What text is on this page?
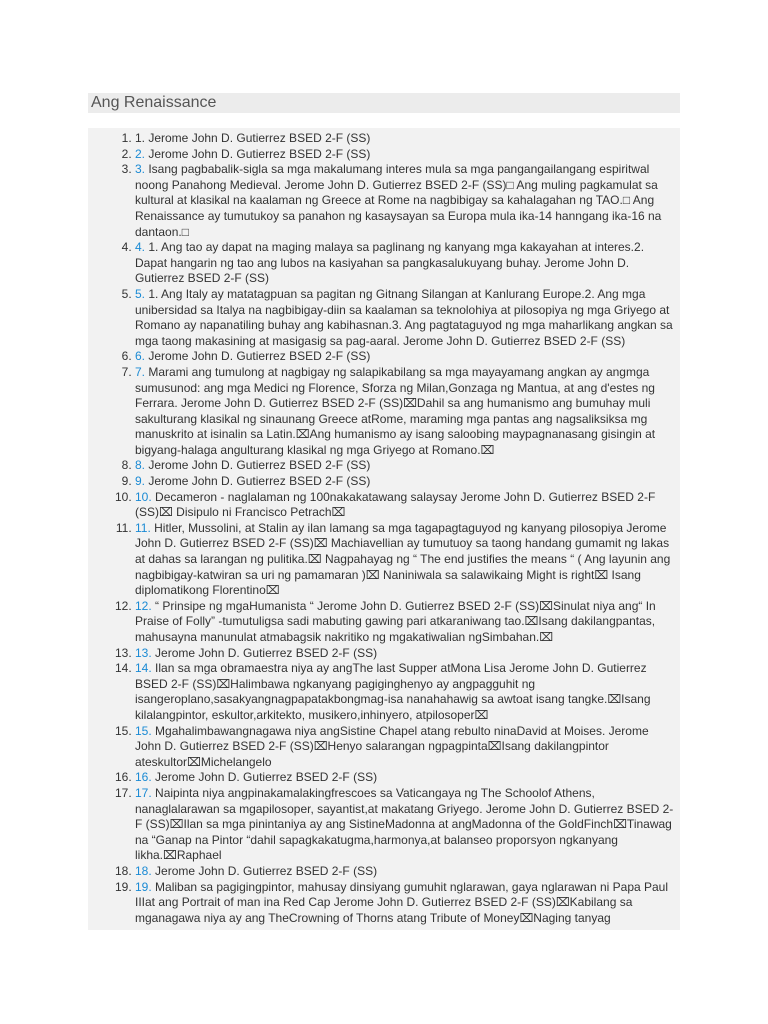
Ang Renaissance
1. 1. Jerome John D. Gutierrez BSED 2-F (SS)
2. 2. Jerome John D. Gutierrez BSED 2-F (SS)
3. 3. Isang pagbabalik-sigla sa mga makalumang interes mula sa mga pangangailangang espiritwal noong Panahong Medieval. Jerome John D. Gutierrez BSED 2-F (SS)□ Ang muling pagkamulat sa kultural at klasikal na kaalaman ng Greece at Rome na nagbibigay sa kahalagahan ng TAO.□ Ang Renaissance ay tumutukoy sa panahon ng kasaysayan sa Europa mula ika-14 hanngang ika-16 na dantaon.□
4. 4. 1. Ang tao ay dapat na maging malaya sa paglinang ng kanyang mga kakayahan at interes.2. Dapat hangarin ng tao ang lubos na kasiyahan sa pangkasalukuyang buhay. Jerome John D. Gutierrez BSED 2-F (SS)
5. 5. 1. Ang Italy ay matatagpuan sa pagitan ng Gitnang Silangan at Kanlurang Europe.2. Ang mga unibersidad sa Italya na nagbibigay-diin sa kaalaman sa teknolohiya at pilosopiya ng mga Griyego at Romano ay napanatiling buhay ang kabihasnan.3. Ang pagtataguyod ng mga maharlikang angkan sa mga taong makasining at masigasig sa pag-aaral. Jerome John D. Gutierrez BSED 2-F (SS)
6. 6. Jerome John D. Gutierrez BSED 2-F (SS)
7. 7. Marami ang tumulong at nagbigay ng salapikabilang sa mga mayayamang angkan ay angmga sumusunod: ang mga Medici ng Florence, Sforza ng Milan,Gonzaga ng Mantua, at ang d'estes ng Ferrara. Jerome John D. Gutierrez BSED 2-F (SS)⌧Dahil sa ang humanismo ang bumuhay muli sakulturang klasikal ng sinaunang Greece atRome, maraming mga pantas ang nagsaliksiksa mg manuskrito at isinalin sa Latin.⌧Ang humanismo ay isang saloobing maypagnanasang gisingin at bigyang-halaga angulturang klasikal ng mga Griyego at Romano.⌧
8. 8. Jerome John D. Gutierrez BSED 2-F (SS)
9. 9. Jerome John D. Gutierrez BSED 2-F (SS)
10. 10. Decameron - naglalaman ng 100nakakatawang salaysay Jerome John D. Gutierrez BSED 2-F (SS)⌧ Disipulo ni Francisco Petrach⌧
11. 11. Hitler, Mussolini, at Stalin ay ilan lamang sa mga tagapagtaguyod ng kanyang pilosopiya Jerome John D. Gutierrez BSED 2-F (SS)⌧ Machiavellian ay tumutuoy sa taong handang gumamit ng lakas at dahas sa larangan ng pulitika.⌧ Nagpahayag ng “ The end justifies the means “ ( Ang layunin ang nagbibigay-katwiran sa uri ng pamamaran )⌧ Naniniwala sa salawikaing Might is right⌧ Isang diplomatikong Florentino⌧
12. 12. “ Prinsipe ng mgaHumanista “ Jerome John D. Gutierrez BSED 2-F (SS)⌧Sinulat niya ang“ In Praise of Folly” -tumutuligsa sadi mabuting gawing pari atkaraniwang tao.⌧Isang dakilangpantas, mahusayna manunulat atmabagsik nakritiko ng mgakatiwalian ngSimbahan.⌧
13. 13. Jerome John D. Gutierrez BSED 2-F (SS)
14. 14. Ilan sa mga obramaestra niya ay angThe last Supper atMona Lisa Jerome John D. Gutierrez BSED 2-F (SS)⌧Halimbawa ngkanyang pagiginghenyo ay angpagguhit ng isangeroplano,sasakyangnagpapatakbongmag-isa nanahahawig sa awtoat isang tangke.⌧Isang kilalangpintor, eskultor,arkitekto, musikero,inhinyero, atpilosoper⌧
15. 15. Mgahalimbawangnagawa niya angSistine Chapel atang rebulto ninaDavid at Moises. Jerome John D. Gutierrez BSED 2-F (SS)⌧Henyo salarangan ngpagpinta⌧Isang dakilangpintor ateskultor⌧Michelangelo
16. 16. Jerome John D. Gutierrez BSED 2-F (SS)
17. 17. Naipinta niya angpinakamalakingfrescoes sa Vaticangaya ng The Schoolof Athens, nanaglalarawan sa mgapilosoper, sayantist,at makatang Griyego. Jerome John D. Gutierrez BSED 2-F (SS)⌧Ilan sa mga pinintaniya ay ang SistineMadonna at angMadonna of the GoldFinch⌧Tinawag na “Ganap na Pintor “dahil sapagkakatugma,harmonya,at balanseo proporsyon ngkanyang likha.⌧Raphael
18. 18. Jerome John D. Gutierrez BSED 2-F (SS)
19. 19. Maliban sa pagigingpintor, mahusay dinsiyang gumuhit nglarawan, gaya nglarawan ni Papa Paul IIIat ang Portrait of man ina Red Cap Jerome John D. Gutierrez BSED 2-F (SS)⌧Kabilang sa mganagawa niya ay ang TheCrowning of Thorns atang Tribute of Money⌧Naging tanyag
